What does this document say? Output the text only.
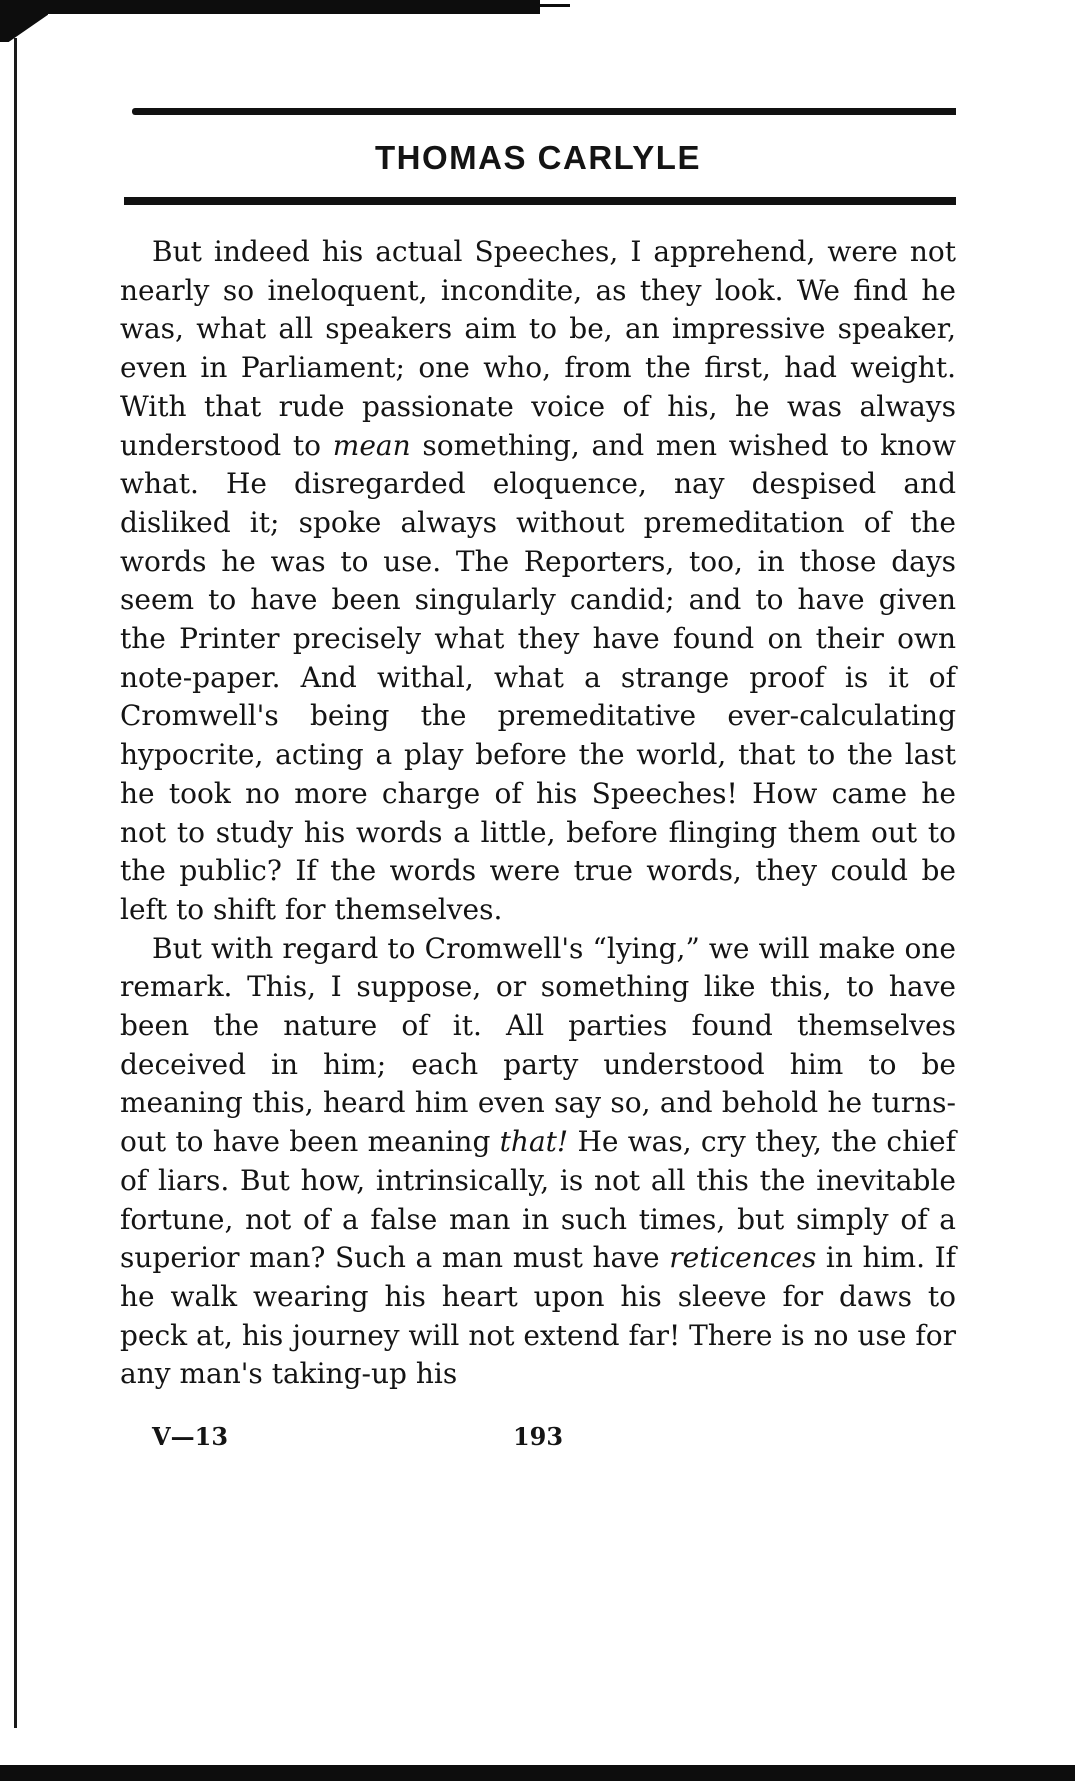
THOMAS CARLYLE

But indeed his actual Speeches, I apprehend, were not nearly so ineloquent, incondite, as they look. We find he was, what all speakers aim to be, an impressive speaker, even in Parliament; one who, from the first, had weight. With that rude passionate voice of his, he was always understood to mean something, and men wished to know what. He disregarded eloquence, nay despised and disliked it; spoke always without premeditation of the words he was to use. The Reporters, too, in those days seem to have been singularly candid; and to have given the Printer precisely what they have found on their own note-paper. And withal, what a strange proof is it of Cromwell's being the premeditative ever-calculating hypocrite, acting a play before the world, that to the last he took no more charge of his Speeches! How came he not to study his words a little, before flinging them out to the public? If the words were true words, they could be left to shift for themselves.

But with regard to Cromwell's “lying,” we will make one remark. This, I suppose, or something like this, to have been the nature of it. All parties found themselves deceived in him; each party understood him to be meaning this, heard him even say so, and behold he turns-out to have been meaning that! He was, cry they, the chief of liars. But how, intrinsically, is not all this the inevitable fortune, not of a false man in such times, but simply of a superior man? Such a man must have reticences in him. If he walk wearing his heart upon his sleeve for daws to peck at, his journey will not extend far! There is no use for any man's taking-up his

V—13	193
